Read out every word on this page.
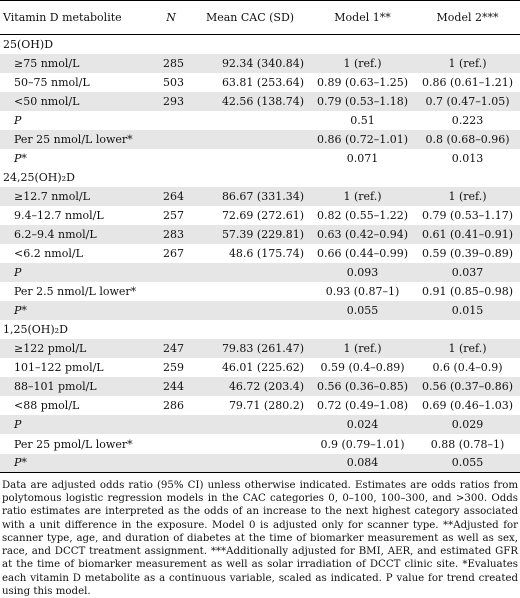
Vitamin D metabolite	N	Mean CAC (SD)	Model 1**	Model 2***
25(OH)D				
≥75 nmol/L	285	92.34 (340.84)	1 (ref.)	1 (ref.)
50–75 nmol/L	503	63.81 (253.64)	0.89 (0.63–1.25)	0.86 (0.61–1.21)
<50 nmol/L	293	42.56 (138.74)	0.79 (0.53–1.18)	0.7 (0.47–1.05)
P			0.51	0.223
Per 25 nmol/L lower*			0.86 (0.72–1.01)	0.8 (0.68–0.96)
P*			0.071	0.013
24,25(OH)₂D				
≥12.7 nmol/L	264	86.67 (331.34)	1 (ref.)	1 (ref.)
9.4–12.7 nmol/L	257	72.69 (272.61)	0.82 (0.55–1.22)	0.79 (0.53–1.17)
6.2–9.4 nmol/L	283	57.39 (229.81)	0.63 (0.42–0.94)	0.61 (0.41–0.91)
<6.2 nmol/L	267	48.6 (175.74)	0.66 (0.44–0.99)	0.59 (0.39–0.89)
P			0.093	0.037
Per 2.5 nmol/L lower*			0.93 (0.87–1)	0.91 (0.85–0.98)
P*			0.055	0.015
1,25(OH)₂D				
≥122 pmol/L	247	79.83 (261.47)	1 (ref.)	1 (ref.)
101–122 pmol/L	259	46.01 (225.62)	0.59 (0.4–0.89)	0.6 (0.4–0.9)
88–101 pmol/L	244	46.72 (203.4)	0.56 (0.36–0.85)	0.56 (0.37–0.86)
<88 pmol/L	286	79.71 (280.2)	0.72 (0.49–1.08)	0.69 (0.46–1.03)
P			0.024	0.029
Per 25 pmol/L lower*			0.9 (0.79–1.01)	0.88 (0.78–1)
P*			0.084	0.055

Data are adjusted odds ratio (95% CI) unless otherwise indicated. Estimates are odds ratios from polytomous logistic regression models in the CAC categories 0, 0–100, 100–300, and >300. Odds ratio estimates are interpreted as the odds of an increase to the next highest category associated with a unit difference in the exposure. Model 0 is adjusted only for scanner type. **Adjusted for scanner type, age, and duration of diabetes at the time of biomarker measurement as well as sex, race, and DCCT treatment assignment. ***Additionally adjusted for BMI, AER, and estimated GFR at the time of biomarker measurement as well as solar irradiation of DCCT clinic site. *Evaluates each vitamin D metabolite as a continuous variable, scaled as indicated. P value for trend created using this model.
